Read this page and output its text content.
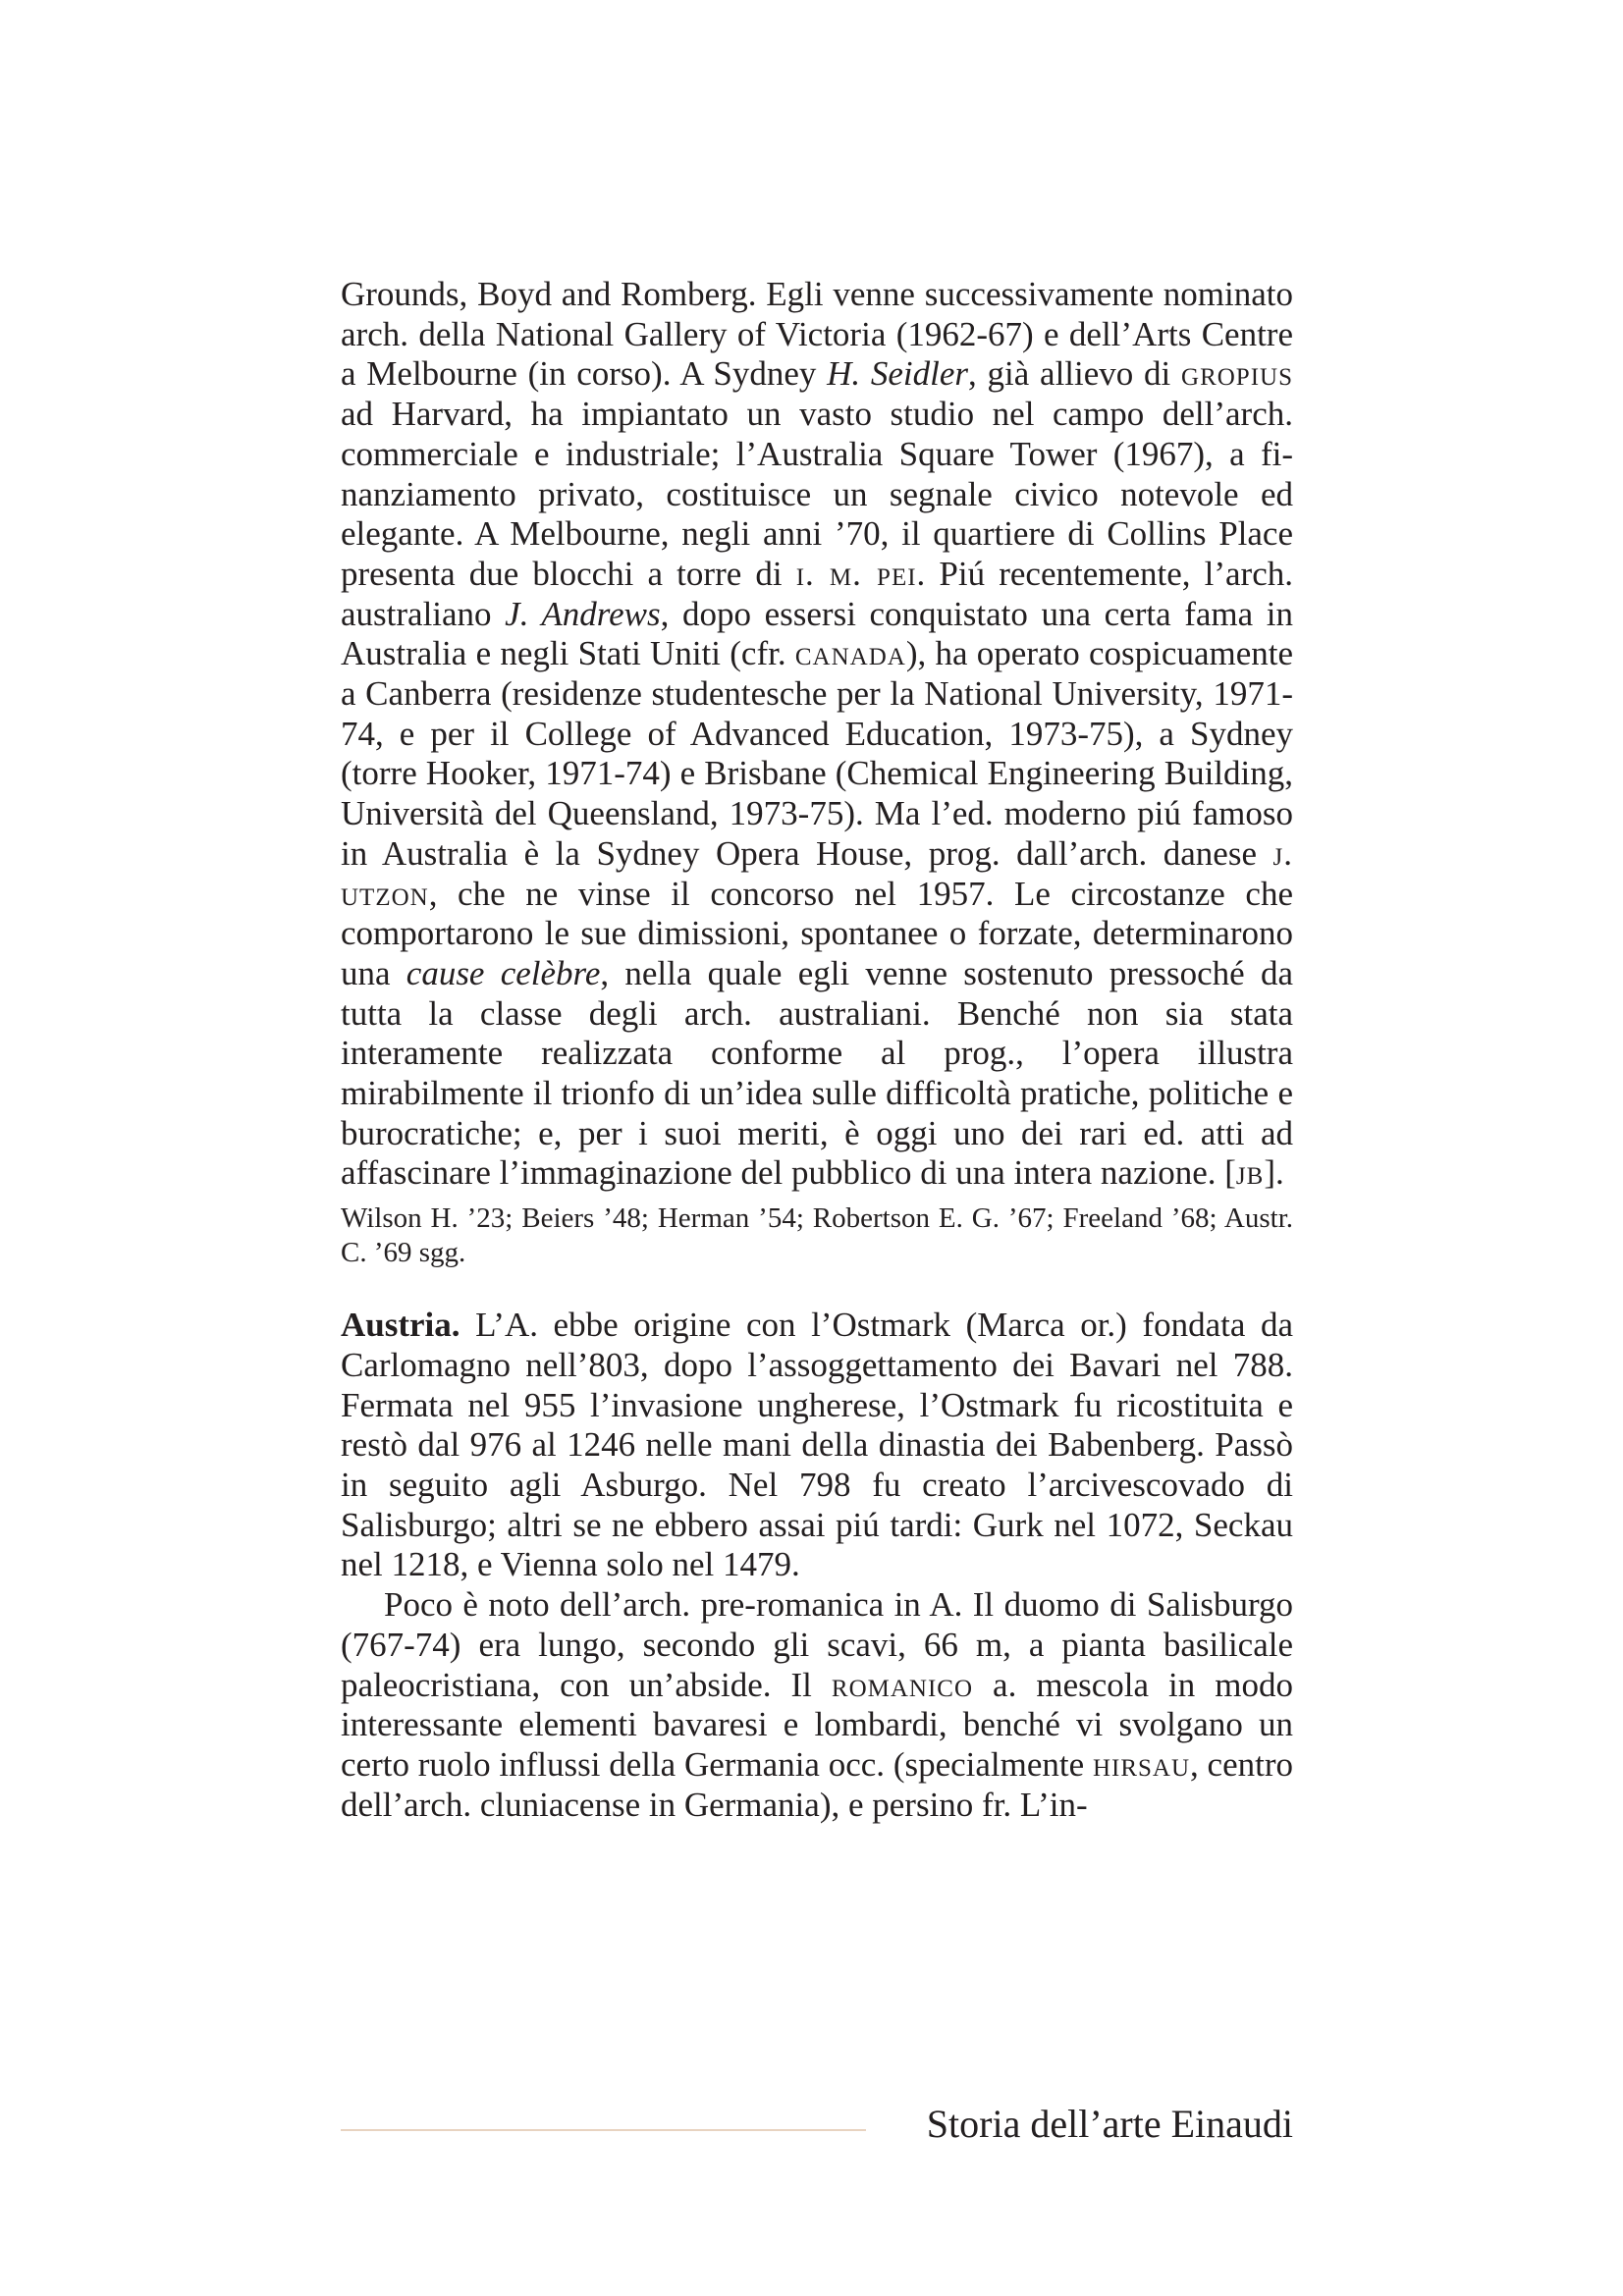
Grounds, Boyd and Romberg. Egli venne successivamente nominato arch. della National Gallery of Victoria (1962-67) e dell’Arts Centre a Melbourne (in corso). A Sydney H. Seidler, già allievo di gropius ad Harvard, ha impiantato un vasto studio nel campo dell’arch. commerciale e industriale; l’Australia Square Tower (1967), a finanziamento privato, costituisce un segnale civico notevole ed elegante. A Melbourne, negli anni ’70, il quartiere di Collins Place presenta due blocchi a torre di i. m. pei. Piú recentemente, l’arch. australiano J. Andrews, dopo essersi conquistato una certa fama in Australia e negli Stati Uniti (cfr. canada), ha operato cospicuamente a Canberra (residenze studentesche per la National University, 1971-74, e per il College of Advanced Education, 1973-75), a Sydney (torre Hooker, 1971-74) e Brisbane (Chemical Engineering Building, Università del Queensland, 1973-75). Ma l’ed. moderno piú famoso in Australia è la Sydney Opera House, prog. dall’arch. danese j. utzon, che ne vinse il concorso nel 1957. Le circostanze che comportarono le sue dimissioni, spontanee o forzate, determinarono una cause celèbre, nella quale egli venne sostenuto pressoché da tutta la classe degli arch. australiani. Benché non sia stata interamente realizzata conforme al prog., l’opera illustra mirabilmente il trionfo di un’idea sulle difficoltà pratiche, politiche e burocratiche; e, per i suoi meriti, è oggi uno dei rari ed. atti ad affascinare l’immaginazione del pubblico di una intera nazione. [jb].

Wilson H. ’23; Beiers ’48; Herman ’54; Robertson E. G. ’67; Freeland ’68; Austr. C. ’69 sgg.

Austria. L’A. ebbe origine con l’Ostmark (Marca or.) fondata da Carlomagno nell’803, dopo l’assoggettamento dei Bavari nel 788. Fermata nel 955 l’invasione ungherese, l’Ostmark fu ricostituita e restò dal 976 al 1246 nelle mani della dinastia dei Babenberg. Passò in seguito agli Asburgo. Nel 798 fu creato l’arcivescovado di Salisburgo; altri se ne ebbero assai piú tardi: Gurk nel 1072, Seckau nel 1218, e Vienna solo nel 1479.

Poco è noto dell’arch. pre-romanica in A. Il duomo di Salisburgo (767-74) era lungo, secondo gli scavi, 66 m, a pianta basilicale paleocristiana, con un’abside. Il romanico a. mescola in modo interessante elementi bavaresi e lombardi, benché vi svolgano un certo ruolo influssi della Germania occ. (specialmente hirsau, centro dell’arch. cluniacense in Germania), e persino fr. L’in-

Storia dell’arte Einaudi
